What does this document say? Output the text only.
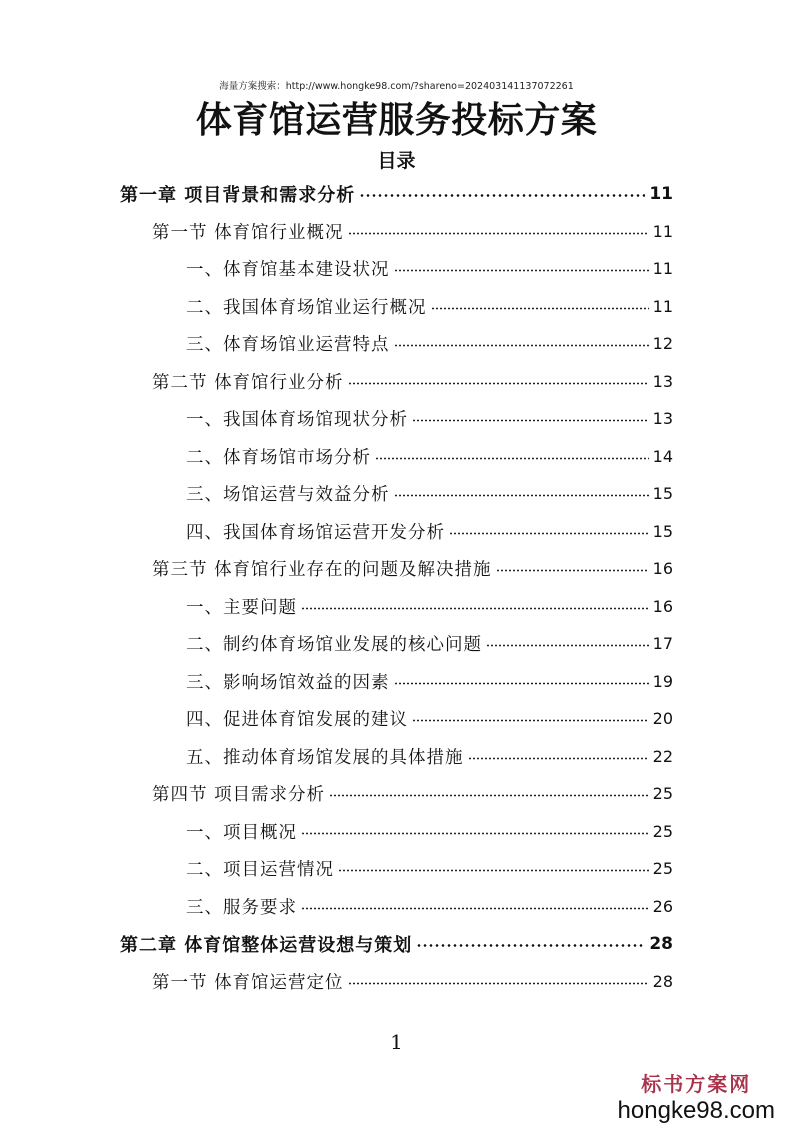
海量方案搜索：http://www.hongke98.com/?shareno=202403141137072261
体育馆运营服务投标方案
目录
第一章 项目背景和需求分析	11
第一节 体育馆行业概况	11
一、体育馆基本建设状况	11
二、我国体育场馆业运行概况	11
三、体育场馆业运营特点	12
第二节 体育馆行业分析	13
一、我国体育场馆现状分析	13
二、体育场馆市场分析	14
三、场馆运营与效益分析	15
四、我国体育场馆运营开发分析	15
第三节 体育馆行业存在的问题及解决措施	16
一、主要问题	16
二、制约体育场馆业发展的核心问题	17
三、影响场馆效益的因素	19
四、促进体育馆发展的建议	20
五、推动体育场馆发展的具体措施	22
第四节 项目需求分析	25
一、项目概况	25
二、项目运营情况	25
三、服务要求	26
第二章 体育馆整体运营设想与策划	28
第一节 体育馆运营定位	28
1
标书方案网
hongke98.com
